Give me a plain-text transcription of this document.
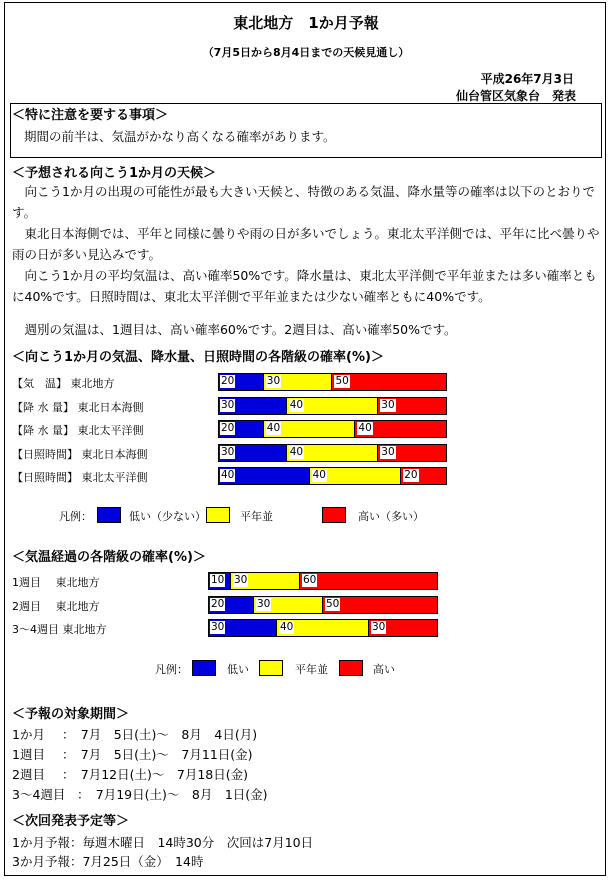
東北地方　1か月予報
（7月5日から8月4日までの天候見通し）
平成26年7月3日
仙台管区気象台　発表
＜特に注意を要する事項＞
期間の前半は、気温がかなり高くなる確率があります。
＜予想される向こう1か月の天候＞
向こう1か月の出現の可能性が最も大きい天候と、特徴のある気温、降水量等の確率は以下のとおりです。
東北日本海側では、平年と同様に曇りや雨の日が多いでしょう。東北太平洋側では、平年に比べ曇りや雨の日が多い見込みです。
向こう1か月の平均気温は、高い確率50%です。降水量は、東北太平洋側で平年並または多い確率ともに40%です。日照時間は、東北太平洋側で平年並または少ない確率ともに40%です。
週別の気温は、1週目は、高い確率60%です。2週目は、高い確率50%です。
＜向こう1か月の気温、降水量、日照時間の各階級の確率(%)＞
【気　温】 東北地方	20	30	50
【降 水 量】 東北日本海側	30	40	30
【降 水 量】 東北太平洋側	20	40	40
【日照時間】 東北日本海側	30	40	30
【日照時間】 東北太平洋側	40	40	20
凡例：	低い（少ない）	平年並	高い（多い）
＜気温経過の各階級の確率(%)＞
1週目　 東北地方	10 30	60
2週目　 東北地方	20	30	50
3～4週目 東北地方	30	40	30
凡例：	低い	平年並	高い
＜予報の対象期間＞
1か月 ：　7月　5日(土)～　8月　4日(月)
1週目 ：　7月　5日(土)～　7月11日(金)
2週目 ：　7月12日(土)～　7月18日(金)
3～4週目 ：　7月19日(土)～　8月　1日(金)
＜次回発表予定等＞
1か月予報：毎週木曜日　14時30分　次回は7月10日
3か月予報：7月25日（金）　14時
